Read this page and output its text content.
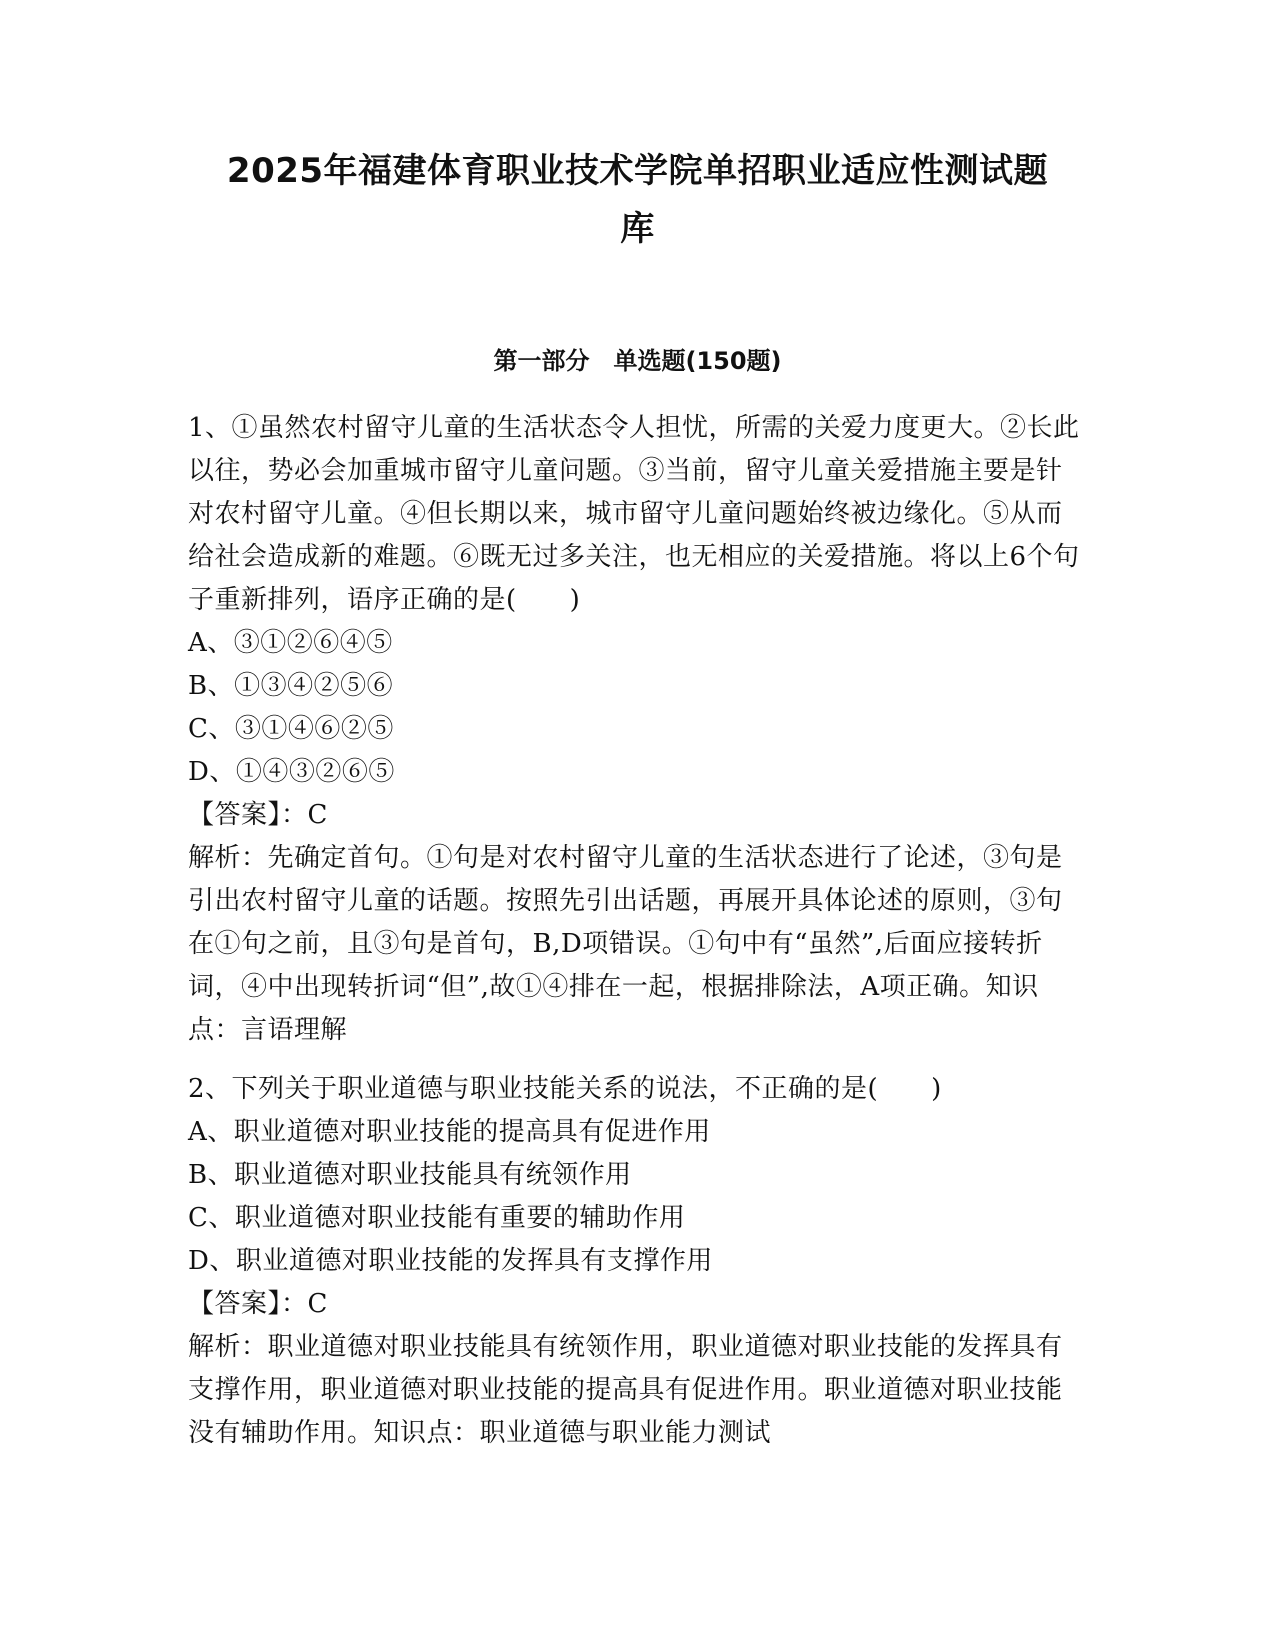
2025年福建体育职业技术学院单招职业适应性测试题
库
第一部分　单选题(150题)

1、①虽然农村留守儿童的生活状态令人担忧，所需的关爱力度更大。②长此以往，势必会加重城市留守儿童问题。③当前，留守儿童关爱措施主要是针对农村留守儿童。④但长期以来，城市留守儿童问题始终被边缘化。⑤从而给社会造成新的难题。⑥既无过多关注，也无相应的关爱措施。将以上6个句子重新排列，语序正确的是(　　)

A、③①②⑥④⑤

B、①③④②⑤⑥

C、③①④⑥②⑤

D、①④③②⑥⑤

【答案】：C

解析：先确定首句。①句是对农村留守儿童的生活状态进行了论述，③句是引出农村留守儿童的话题。按照先引出话题，再展开具体论述的原则，③句在①句之前，且③句是首句，B,D项错误。①句中有“虽然”,后面应接转折词，④中出现转折词“但”,故①④排在一起，根据排除法，A项正确。知识点：言语理解

2、下列关于职业道德与职业技能关系的说法，不正确的是(　　)

A、职业道德对职业技能的提高具有促进作用

B、职业道德对职业技能具有统领作用

C、职业道德对职业技能有重要的辅助作用

D、职业道德对职业技能的发挥具有支撑作用

【答案】：C

解析：职业道德对职业技能具有统领作用，职业道德对职业技能的发挥具有支撑作用，职业道德对职业技能的提高具有促进作用。职业道德对职业技能没有辅助作用。知识点：职业道德与职业能力测试
